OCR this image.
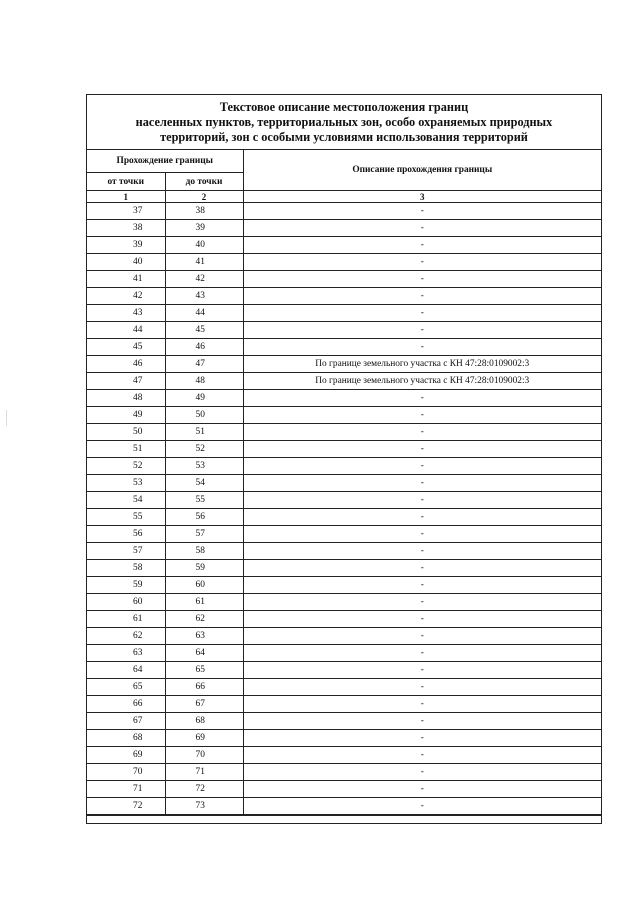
Текстовое описание местоположения границ
населенных пунктов, территориальных зон, особо охраняемых природных
территорий, зон с особыми условиями использования территорий
Прохождение границы		Описание прохождения границы
от точки	до точки	
1	2	3
37	38	-
38	39	-
39	40	-
40	41	-
41	42	-
42	43	-
43	44	-
44	45	-
45	46	-
46	47	По границе земельного участка с КН 47:28:0109002:3
47	48	По границе земельного участка с КН 47:28:0109002:3
48	49	-
49	50	-
50	51	-
51	52	-
52	53	-
53	54	-
54	55	-
55	56	-
56	57	-
57	58	-
58	59	-
59	60	-
60	61	-
61	62	-
62	63	-
63	64	-
64	65	-
65	66	-
66	67	-
67	68	-
68	69	-
69	70	-
70	71	-
71	72	-
72	73	-
